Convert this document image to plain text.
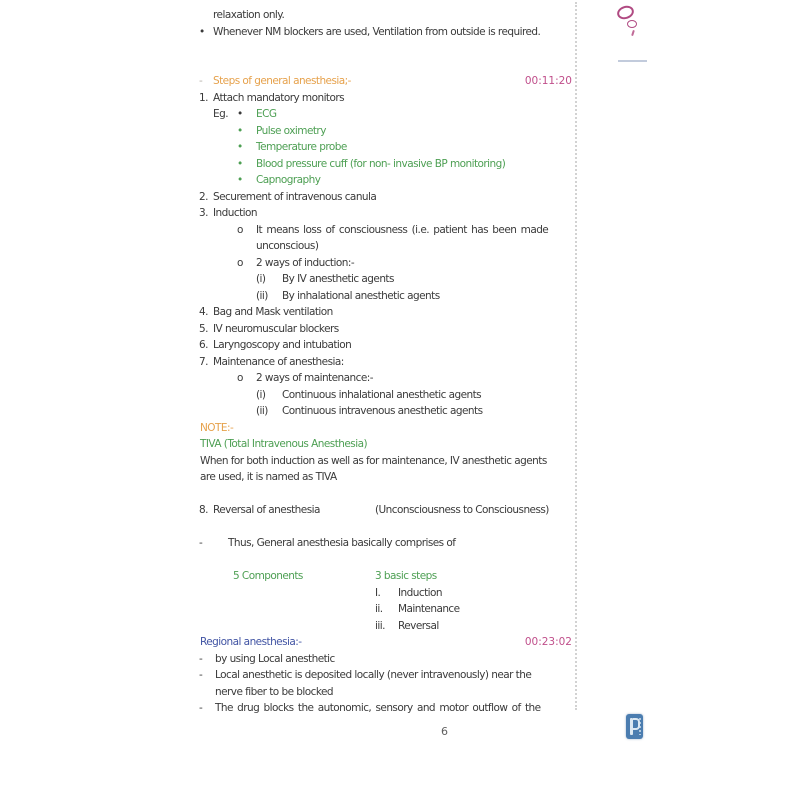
relaxation only.
• Whenever NM blockers are used, Ventilation from outside is required.
- Steps of general anesthesia;-	00:11:20
1. Attach mandatory monitors
Eg. • ECG
• Pulse oximetry
• Temperature probe
• Blood pressure cuff (for non- invasive BP monitoring)
• Capnography
2. Securement of intravenous canula
3. Induction
o It means loss of consciousness (i.e. patient has been made
unconscious)
o 2 ways of induction:-
(i) By IV anesthetic agents
(ii) By inhalational anesthetic agents
4. Bag and Mask ventilation
5. IV neuromuscular blockers
6. Laryngoscopy and intubation
7. Maintenance of anesthesia:
o 2 ways of maintenance:-
(i) Continuous inhalational anesthetic agents
(ii) Continuous intravenous anesthetic agents
NOTE:-
TIVA (Total Intravenous Anesthesia)
When for both induction as well as for maintenance, IV anesthetic agents
are used, it is named as TIVA
8. Reversal of anesthesia	(Unconsciousness to Consciousness)
- Thus, General anesthesia basically comprises of
5 Components	3 basic steps
I. Induction
ii. Maintenance
iii. Reversal
Regional anesthesia:-	00:23:02
- by using Local anesthetic
- Local anesthetic is deposited locally (never intravenously) near the
nerve fiber to be blocked
- The drug blocks the autonomic, sensory and motor outflow of the
6
